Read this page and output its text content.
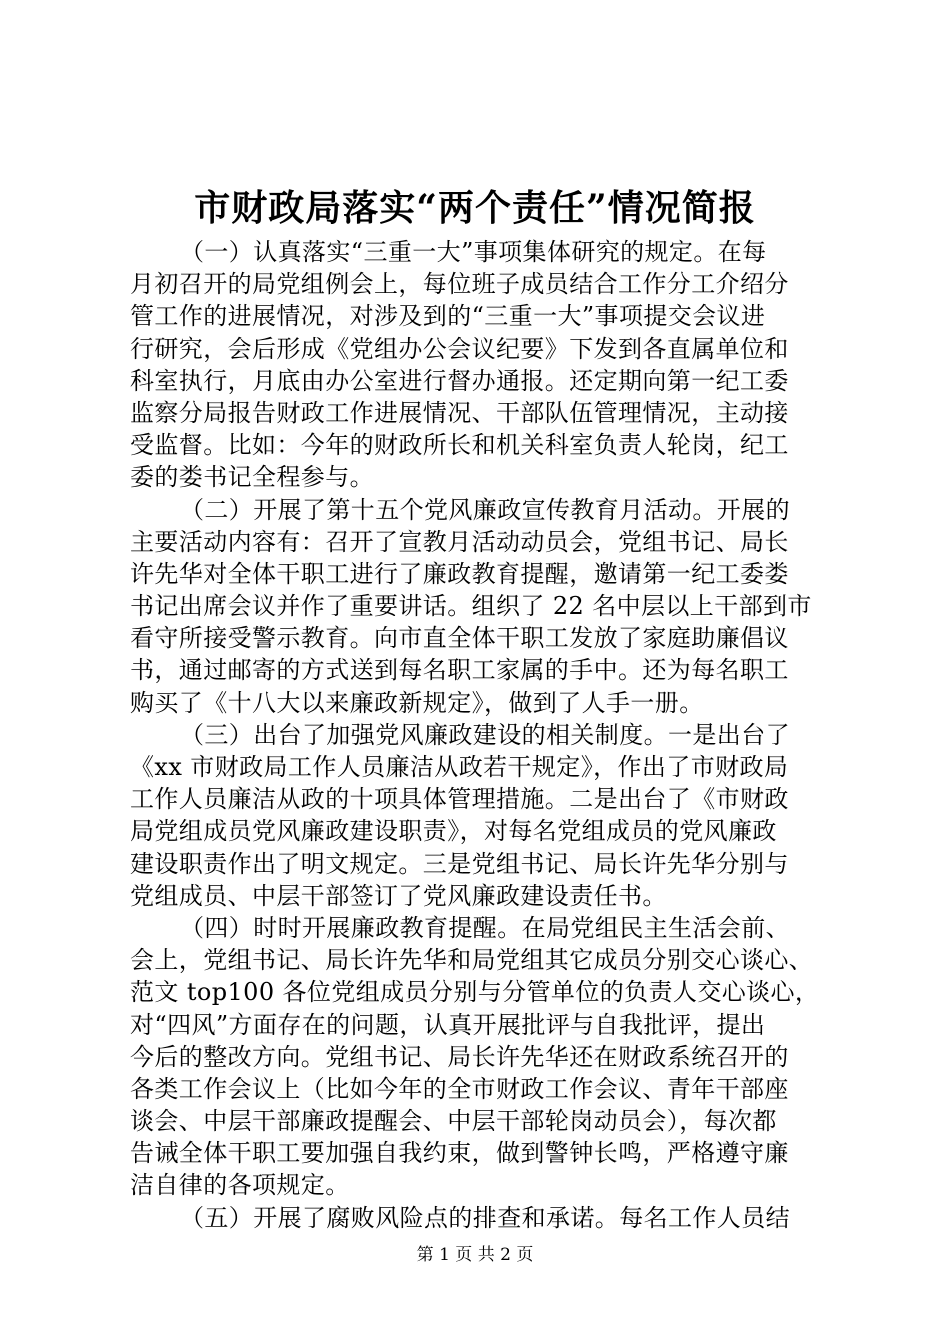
市财政局落实“两个责任”情况简报
（一）认真落实“三重一大”事项集体研究的规定。在每
月初召开的局党组例会上，每位班子成员结合工作分工介绍分
管工作的进展情况，对涉及到的“三重一大”事项提交会议进
行研究，会后形成《党组办公会议纪要》下发到各直属单位和
科室执行，月底由办公室进行督办通报。还定期向第一纪工委
监察分局报告财政工作进展情况、干部队伍管理情况，主动接
受监督。比如：今年的财政所长和机关科室负责人轮岗，纪工
委的娄书记全程参与。
（二）开展了第十五个党风廉政宣传教育月活动。开展的
主要活动内容有：召开了宣教月活动动员会，党组书记、局长
许先华对全体干职工进行了廉政教育提醒，邀请第一纪工委娄
书记出席会议并作了重要讲话。组织了 22 名中层以上干部到市
看守所接受警示教育。向市直全体干职工发放了家庭助廉倡议
书，通过邮寄的方式送到每名职工家属的手中。还为每名职工
购买了《十八大以来廉政新规定》，做到了人手一册。
（三）出台了加强党风廉政建设的相关制度。一是出台了
《xx 市财政局工作人员廉洁从政若干规定》，作出了市财政局
工作人员廉洁从政的十项具体管理措施。二是出台了《市财政
局党组成员党风廉政建设职责》，对每名党组成员的党风廉政
建设职责作出了明文规定。三是党组书记、局长许先华分别与
党组成员、中层干部签订了党风廉政建设责任书。
（四）时时开展廉政教育提醒。在局党组民主生活会前、
会上，党组书记、局长许先华和局党组其它成员分别交心谈心、
范文 top100 各位党组成员分别与分管单位的负责人交心谈心，
对“四风”方面存在的问题，认真开展批评与自我批评，提出
今后的整改方向。党组书记、局长许先华还在财政系统召开的
各类工作会议上（比如今年的全市财政工作会议、青年干部座
谈会、中层干部廉政提醒会、中层干部轮岗动员会），每次都
告诫全体干职工要加强自我约束，做到警钟长鸣，严格遵守廉
洁自律的各项规定。
（五）开展了腐败风险点的排查和承诺。每名工作人员结
第 1 页 共 2 页
